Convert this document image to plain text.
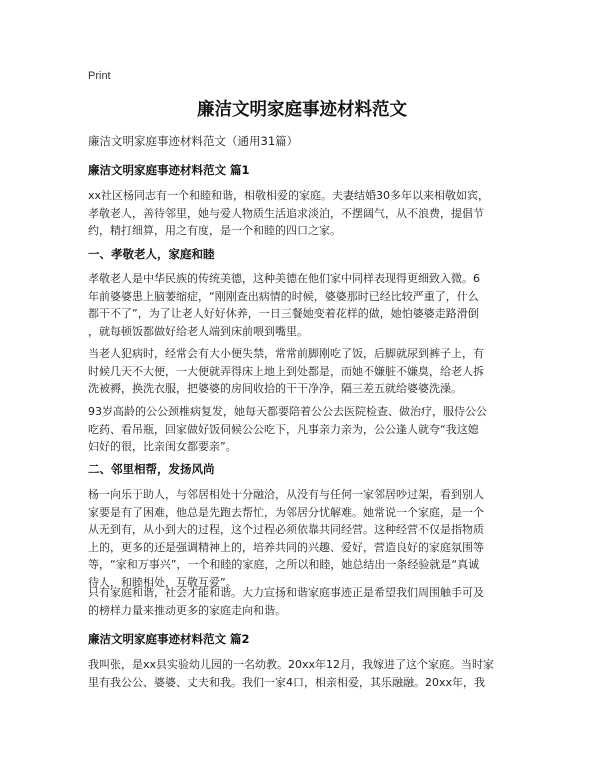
Print
廉洁文明家庭事迹材料范文
廉洁文明家庭事迹材料范文（通用31篇）
廉洁文明家庭事迹材料范文 篇1
xx社区杨同志有一个和睦和谐，相敬相爱的家庭。夫妻结婚30多年以来相敬如宾，
孝敬老人，善待邻里，她与爱人物质生活追求淡泊，不摆阔气，从不浪费，提倡节
约，精打细算，用之有度，是一个和睦的四口之家。
一、孝敬老人，家庭和睦
孝敬老人是中华民族的传统美德，这种美德在他们家中同样表现得更细致入微。6
年前婆婆患上脑萎缩症，“刚刚查出病情的时候，婆婆那时已经比较严重了，什么
都干不了”，为了让老人好好休养，一日三餐她变着花样的做，她怕婆婆走路滑倒
，就每顿饭都做好给老人端到床前喂到嘴里。
当老人犯病时，经常会有大小便失禁，常常前脚刚吃了饭，后脚就尿到裤子上，有
时候几天不大便，一大便就弄得床上地上到处都是，而她不嫌脏不嫌臭，给老人拆
洗被褥，换洗衣服，把婆婆的房间收拾的干干净净，隔三差五就给婆婆洗澡。
93岁高龄的公公颈椎病复发，她每天都要陪着公公去医院检查、做治疗，服侍公公
吃药、看吊瓶，回家做好饭伺候公公吃下，凡事亲力亲为，公公逢人就夸“我这媳
妇好的很，比亲闺女都要亲”。
二、邻里相帮，发扬风尚
杨一向乐于助人，与邻居相处十分融洽，从没有与任何一家邻居吵过架，看到别人
家要是有了困难，他总是先跑去帮忙，为邻居分忧解难。她常说一个家庭，是一个
从无到有，从小到大的过程，这个过程必须依靠共同经营。这种经营不仅是指物质
上的，更多的还是强调精神上的，培养共同的兴趣、爱好，营造良好的家庭氛围等
等，“家和万事兴”，一个和睦的家庭，之所以和睦，她总结出一条经验就是“真诚
待人，和睦相处，互敬互爱”。
只有家庭和谐，社会才能和谐。大力宣扬和谐家庭事迹正是希望我们周围触手可及
的榜样力量来推动更多的家庭走向和谐。
廉洁文明家庭事迹材料范文 篇2
我叫张，是xx县实验幼儿园的一名幼教。20xx年12月，我嫁进了这个家庭。当时家
里有我公公、婆婆、丈夫和我。我们一家4口，相亲相爱，其乐融融。20xx年，我
